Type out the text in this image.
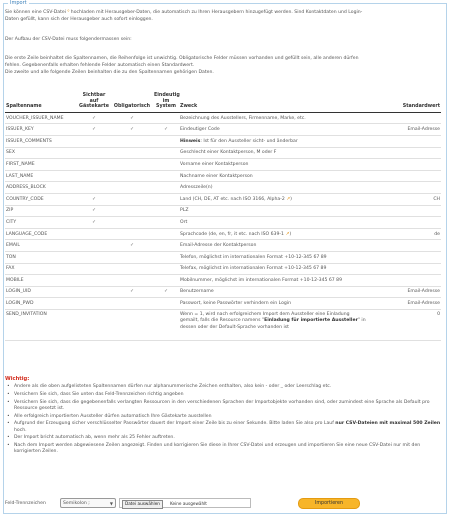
Import
Sie können eine CSV-Datei ⁰ hochladen mit Herausgeber-Daten, die automatisch zu Ihren Herausgebern hinzugefügt werden. Sind Kontaktdaten und Login-
Daten gefüllt, kann sich der Herausgeber auch sofort einloggen.
Der Aufbau der CSV-Datei muss folgendermassen sein:
Die erste Zeile beinhaltet die Spaltennamen, die Reihenfolge ist unwichtig. Obligatorische Felder müssen vorhanden und gefüllt sein, alle anderen dürfen
fehlen. Gegebenenfalls erhalten fehlende Felder automatisch einen Standardwert.
Die zweite und alle folgende Zeilen beinhalten die zu den Spaltennamen gehörigen Daten.
Spaltenname	Sichtbar auf Gästekarte	Obligatorisch	Eindeutig im System	Zweck	Standardwert
VOUCHER_ISSUER_NAME	✓	✓		Bezeichnung des Ausstellers, Firmenname, Marke, etc.	
ISSUER_KEY	✓	✓	✓	Eindeutiger Code	Email-Adresse
ISSUER_COMMENTS				Hinweis: Ist für den Aussteller sicht- und änderbar	
SEX				Geschlecht einer Kontaktperson, M oder F	
FIRST_NAME				Vorname einer Kontaktperson	
LAST_NAME				Nachname einer Kontaktperson	
ADDRESS_BLOCK				Adresszeile(n)	
COUNTRY_CODE	✓			Land (CH, DE, AT etc. nach ISO 3166, Alpha-2 ↗)	CH
ZIP	✓			PLZ	
CITY	✓			Ort	
LANGUAGE_CODE				Sprachcode (de, en, fr, it etc. nach ISO 639-1 ↗)	de
EMAIL		✓		Email-Adresse der Kontaktperson	
TON				Telefon, möglichst im internationalen Format +10-12-345 67 89	
FAX				Telefax, möglichst im internationalen Format +10-12-345 67 89	
MOBILE				Mobilnummer, möglichst im internationalen Format +10-12-345 67 89	
LOGIN_UID		✓	✓	Benutzername	Email-Adresse
LOGIN_PWD				Passwort, keine Passwörter verhindern ein Login	Email-Adresse
SEND_INVITATION				Wenn = 1, wird nach erfolgreichem Import dem Aussteller eine Einladung
gemailt, falls die Resource namens "Einladung für importierte Aussteller" in
dessen oder der Default-Sprache vorhanden ist	0
Wichtig:
• Andere als die oben aufgelisteten Spaltennamen dürfen nur alphanummerische Zeichen enthalten, also kein - oder _ oder Leerschlag etc.
• Versichern Sie sich, dass Sie unten das Feld-Trennzeichen richtig angeben
• Versichern Sie sich, dass die gegebenenfalls verlangten Ressourcen in den verschiedenen Sprachen der Importobjekte vorhanden sind, oder zumindest eine Sprache als Default pro Ressource gesetzt ist.
• Alle erfolgreich importierten Aussteller dürfen automatisch Ihre Gästekarte ausstellen
• Aufgrund der Erzeugung sicher verschlüsselter Passwörter dauert der Import einer Zeile bis zu einer Sekunde. Bitte laden Sie also pro Lauf nur CSV-Dateien mit maximal 500 Zeilen hoch.
• Der Import bricht automatisch ab, wenn mehr als 25 Fehler auftreten.
• Nach dem Import werden abgewiesene Zeilen angezeigt. Finden und korrigieren Sie diese in Ihrer CSV-Datei und erzeugen und importieren Sie eine neue CSV-Datei nur mit den korrigierten Zeilen.
Feld-Trennzeichen	Semikolon ;	▼	Datei auswählen	Keine ausgewählt	Importieren
